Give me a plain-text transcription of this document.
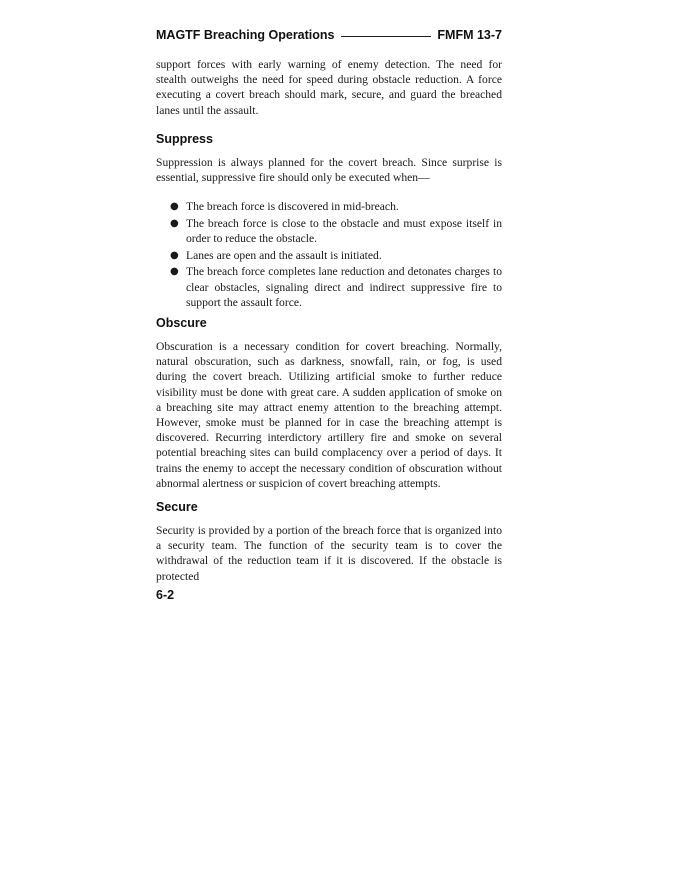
MAGTF Breaching Operations	FMFM 13-7

support forces with early warning of enemy detection. The need for stealth outweighs the need for speed during obstacle reduction. A force executing a covert breach should mark, secure, and guard the breached lanes until the assault.

Suppress

Suppression is always planned for the covert breach. Since surprise is essential, suppressive fire should only be executed when—

● The breach force is discovered in mid-breach.
● The breach force is close to the obstacle and must expose itself in order to reduce the obstacle.
● Lanes are open and the assault is initiated.
● The breach force completes lane reduction and detonates charges to clear obstacles, signaling direct and indirect suppressive fire to support the assault force.
Obscure

Obscuration is a necessary condition for covert breaching. Normally, natural obscuration, such as darkness, snowfall, rain, or fog, is used during the covert breach. Utilizing artificial smoke to further reduce visibility must be done with great care. A sudden application of smoke on a breaching site may attract enemy attention to the breaching attempt. However, smoke must be planned for in case the breaching attempt is discovered. Recurring interdictory artillery fire and smoke on several potential breaching sites can build complacency over a period of days. It trains the enemy to accept the necessary condition of obscuration without abnormal alertness or suspicion of covert breaching attempts.

Secure

Security is provided by a portion of the breach force that is organized into a security team. The function of the security team is to cover the withdrawal of the reduction team if it is discovered. If the obstacle is protected

6-2
